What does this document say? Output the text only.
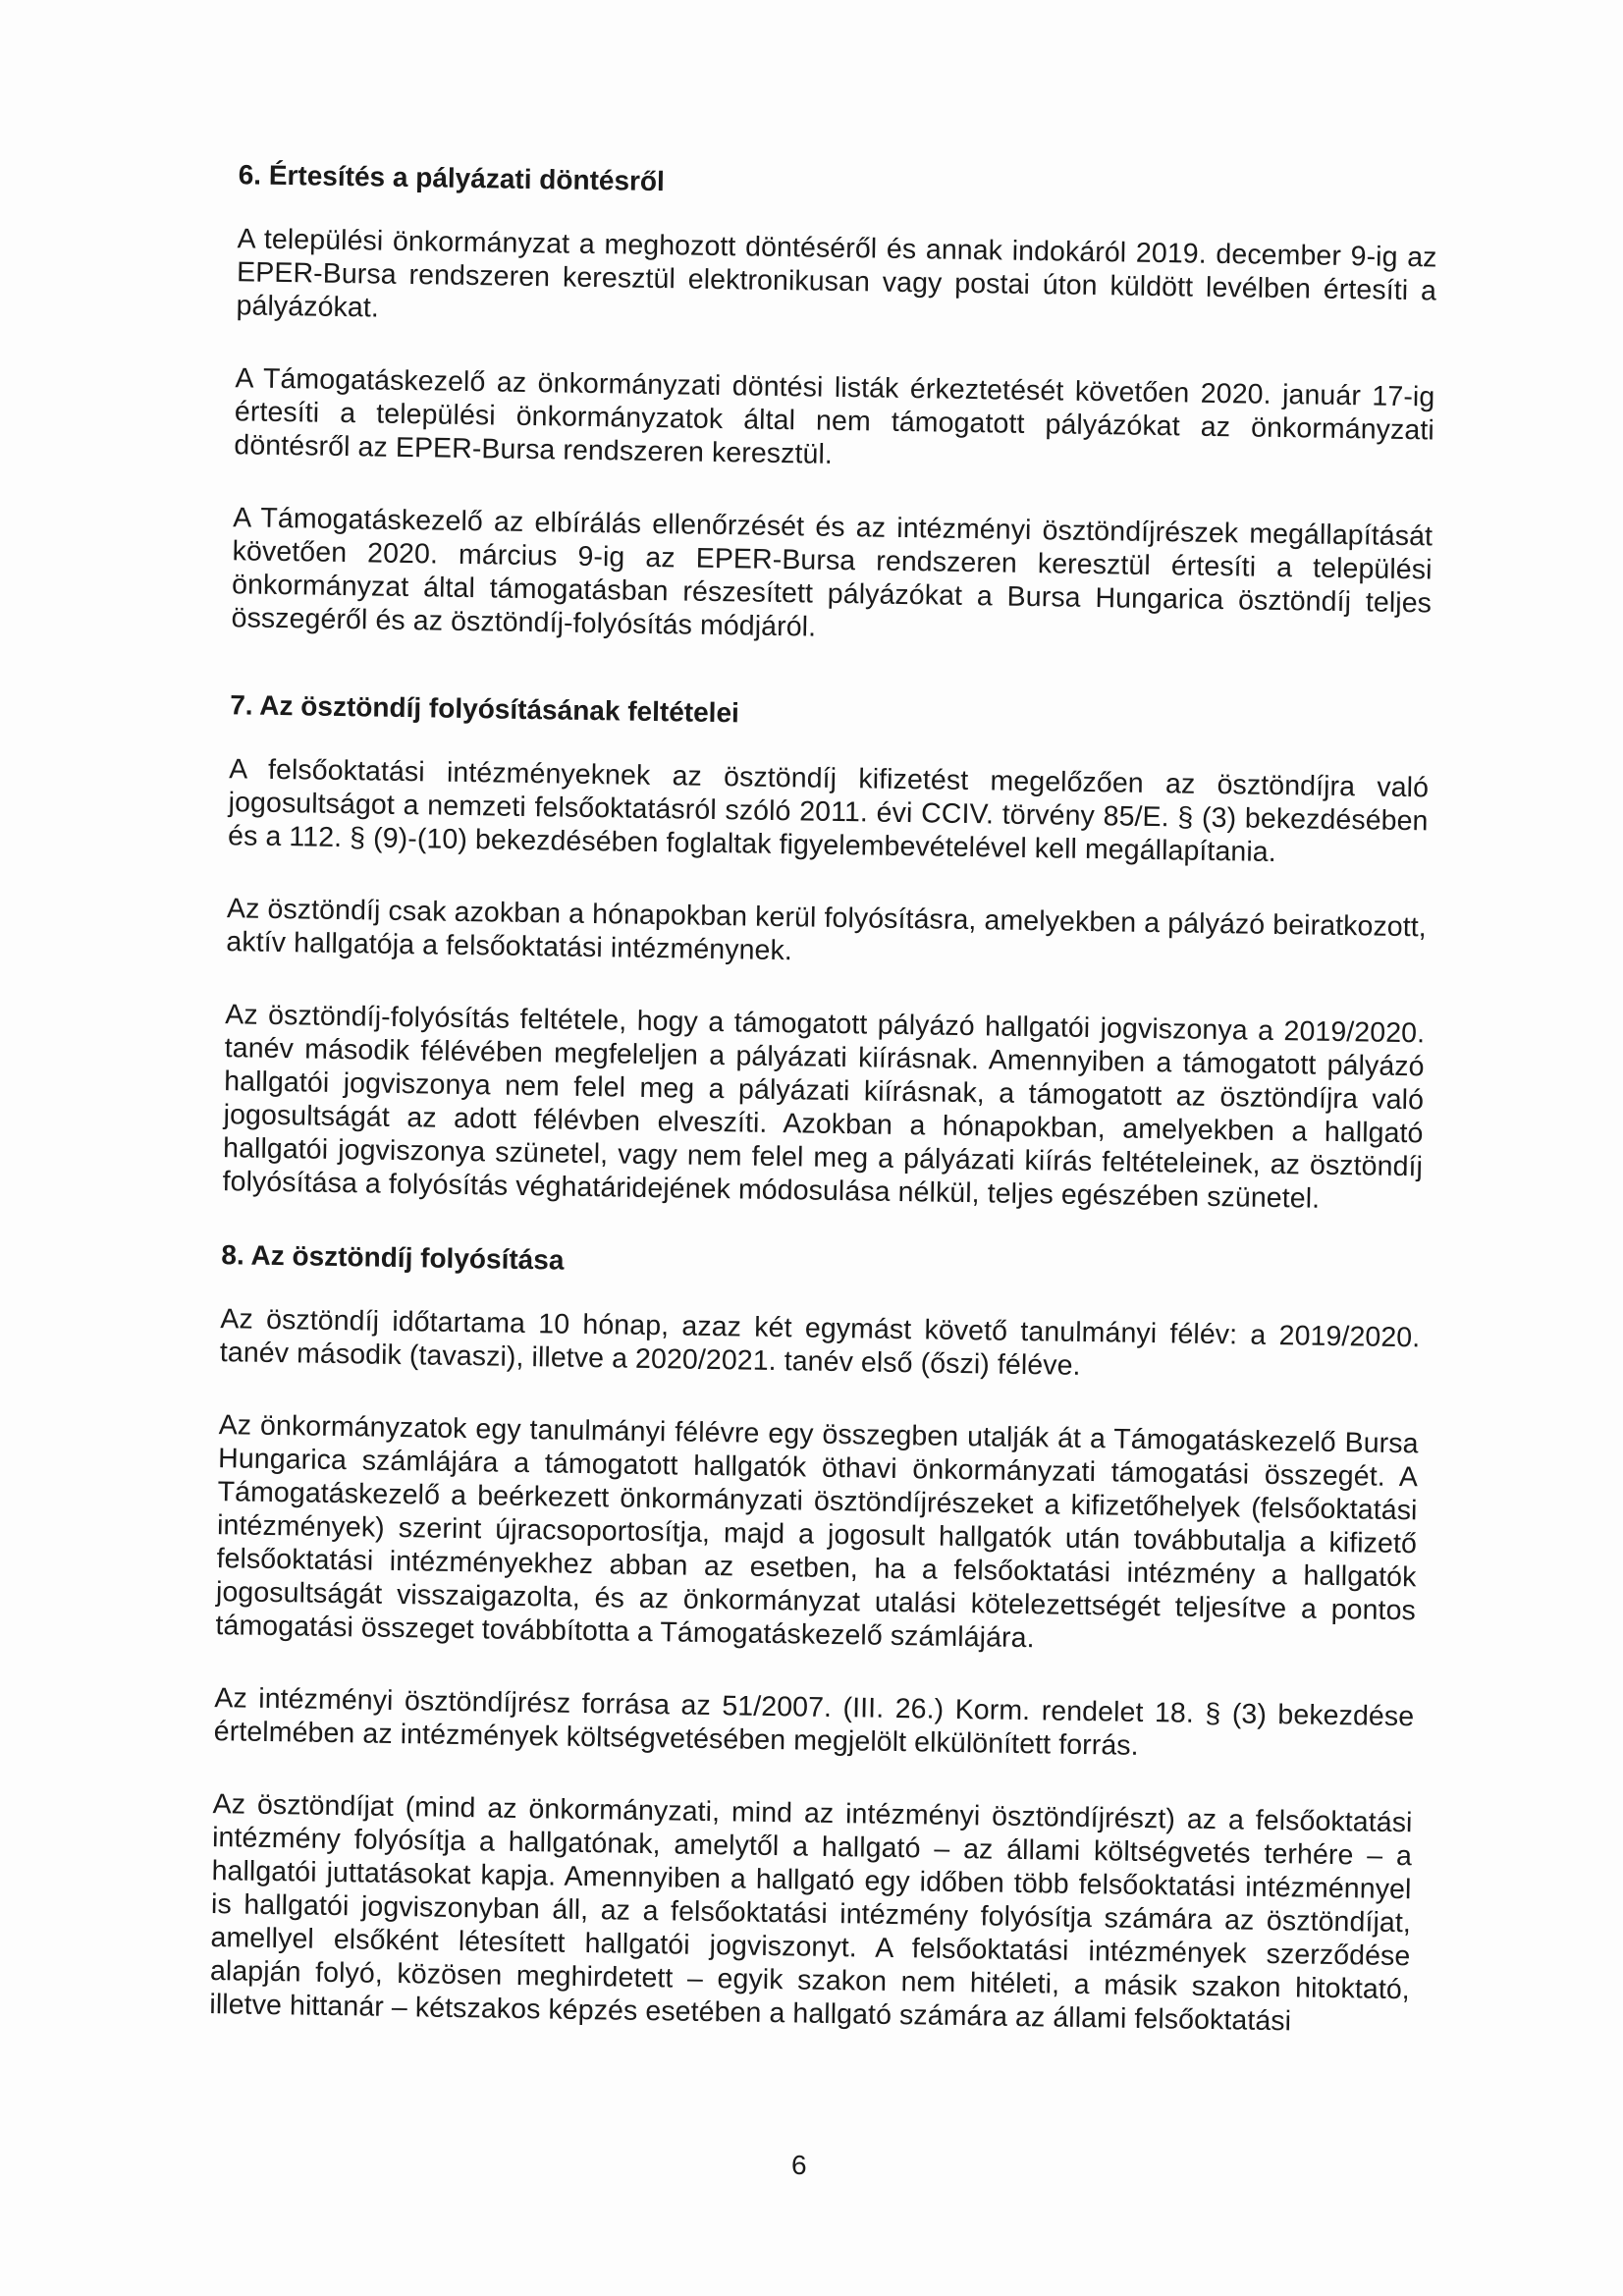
6. Értesítés a pályázati döntésről

A települési önkormányzat a meghozott döntéséről és annak indokáról 2019. december 9-ig az EPER-Bursa rendszeren keresztül elektronikusan vagy postai úton küldött levélben értesíti a pályázókat.

A Támogatáskezelő az önkormányzati döntési listák érkeztetését követően 2020. január 17-ig értesíti a települési önkormányzatok által nem támogatott pályázókat az önkormányzati döntésről az EPER-Bursa rendszeren keresztül.

A Támogatáskezelő az elbírálás ellenőrzését és az intézményi ösztöndíjrészek megállapítását követően 2020. március 9-ig az EPER-Bursa rendszeren keresztül értesíti a települési önkormányzat által támogatásban részesített pályázókat a Bursa Hungarica ösztöndíj teljes összegéről és az ösztöndíj-folyósítás módjáról.

7. Az ösztöndíj folyósításának feltételei

A felsőoktatási intézményeknek az ösztöndíj kifizetést megelőzően az ösztöndíjra való jogosultságot a nemzeti felsőoktatásról szóló 2011. évi CCIV. törvény 85/E. § (3) bekezdésében és a 112. § (9)-(10) bekezdésében foglaltak figyelembevételével kell megállapítania.

Az ösztöndíj csak azokban a hónapokban kerül folyósításra, amelyekben a pályázó beiratkozott, aktív hallgatója a felsőoktatási intézménynek.

Az ösztöndíj-folyósítás feltétele, hogy a támogatott pályázó hallgatói jogviszonya a 2019/2020. tanév második félévében megfeleljen a pályázati kiírásnak. Amennyiben a támogatott pályázó hallgatói jogviszonya nem felel meg a pályázati kiírásnak, a támogatott az ösztöndíjra való jogosultságát az adott félévben elveszíti. Azokban a hónapokban, amelyekben a hallgató hallgatói jogviszonya szünetel, vagy nem felel meg a pályázati kiírás feltételeinek, az ösztöndíj folyósítása a folyósítás véghatáridejének módosulása nélkül, teljes egészében szünetel.

8. Az ösztöndíj folyósítása

Az ösztöndíj időtartama 10 hónap, azaz két egymást követő tanulmányi félév: a 2019/2020. tanév második (tavaszi), illetve a 2020/2021. tanév első (őszi) féléve.

Az önkormányzatok egy tanulmányi félévre egy összegben utalják át a Támogatáskezelő Bursa Hungarica számlájára a támogatott hallgatók öthavi önkormányzati támogatási összegét. A Támogatáskezelő a beérkezett önkormányzati ösztöndíjrészeket a kifizetőhelyek (felsőoktatási intézmények) szerint újracsoportosítja, majd a jogosult hallgatók után továbbutalja a kifizető felsőoktatási intézményekhez abban az esetben, ha a felsőoktatási intézmény a hallgatók jogosultságát visszaigazolta, és az önkormányzat utalási kötelezettségét teljesítve a pontos támogatási összeget továbbította a Támogatáskezelő számlájára.

Az intézményi ösztöndíjrész forrása az 51/2007. (III. 26.) Korm. rendelet 18. § (3) bekezdése értelmében az intézmények költségvetésében megjelölt elkülönített forrás.

Az ösztöndíjat (mind az önkormányzati, mind az intézményi ösztöndíjrészt) az a felsőoktatási intézmény folyósítja a hallgatónak, amelytől a hallgató – az állami költségvetés terhére – a hallgatói juttatásokat kapja. Amennyiben a hallgató egy időben több felsőoktatási intézménnyel is hallgatói jogviszonyban áll, az a felsőoktatási intézmény folyósítja számára az ösztöndíjat, amellyel elsőként létesített hallgatói jogviszonyt. A felsőoktatási intézmények szerződése alapján folyó, közösen meghirdetett – egyik szakon nem hitéleti, a másik szakon hitoktató, illetve hittanár – kétszakos képzés esetében a hallgató számára az állami felsőoktatási

6
